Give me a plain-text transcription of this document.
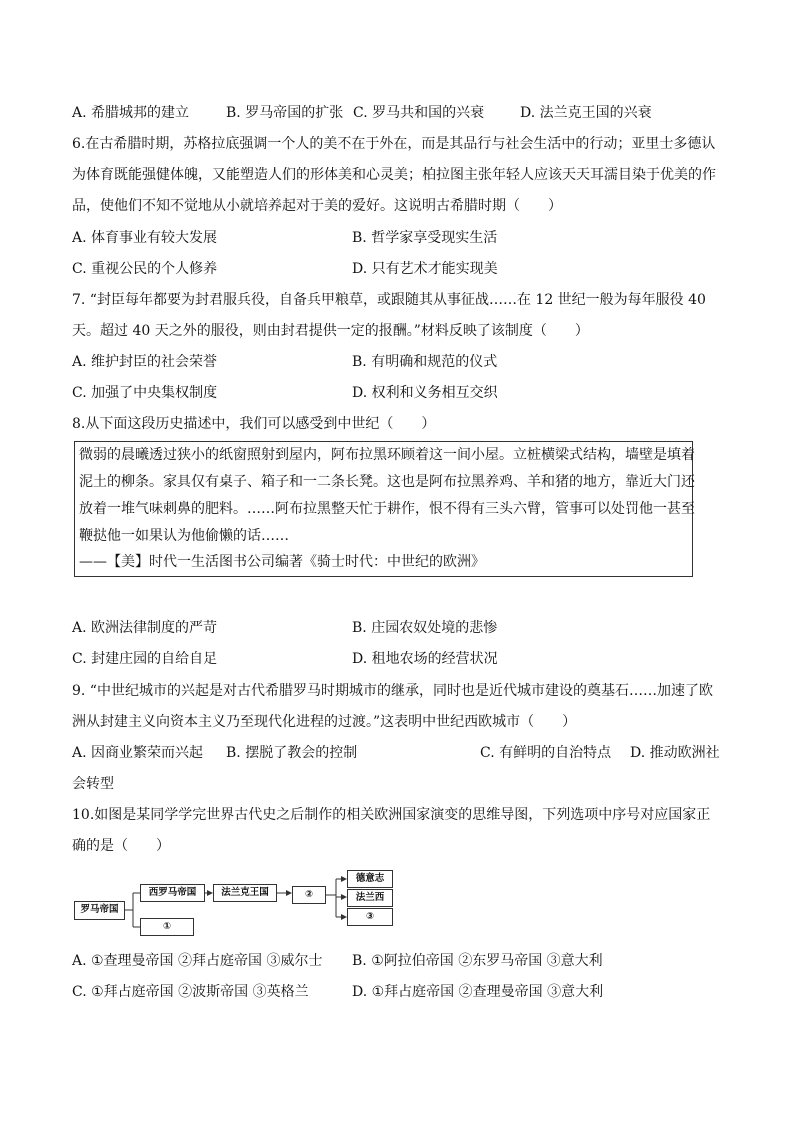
A. 希腊城邦的建立	B. 罗马帝国的扩张 C. 罗马共和国的兴衰	D. 法兰克王国的兴衰
6.在古希腊时期，苏格拉底强调一个人的美不在于外在，而是其品行与社会生活中的行动；亚里士多德认
为体育既能强健体魄，又能塑造人们的形体美和心灵美；柏拉图主张年轻人应该天天耳濡目染于优美的作
品，使他们不知不觉地从小就培养起对于美的爱好。这说明古希腊时期（　　）
A. 体育事业有较大发展	B. 哲学家享受现实生活
C. 重视公民的个人修养	D. 只有艺术才能实现美
7. “封臣每年都要为封君服兵役，自备兵甲粮草，或跟随其从事征战……在 12 世纪一般为每年服役 40
天。超过 40 天之外的服役，则由封君提供一定的报酬。”材料反映了该制度（　　）
A. 维护封臣的社会荣誉	B. 有明确和规范的仪式
C. 加强了中央集权制度	D. 权利和义务相互交织
8.从下面这段历史描述中，我们可以感受到中世纪（　　）
微弱的晨曦透过狭小的纸窗照射到屋内，阿布拉黑环顾着这一间小屋。立桩横梁式结构，墙壁是填着
泥土的柳条。家具仅有桌子、箱子和一二条长凳。这也是阿布拉黑养鸡、羊和猪的地方，靠近大门还
放着一堆气味刺鼻的肥料。……阿布拉黑整天忙于耕作，恨不得有三头六臂，管事可以处罚他一甚至
鞭挞他一如果认为他偷懒的话……
——【美】时代一生活图书公司编著《骑士时代：中世纪的欧洲》
A. 欧洲法律制度的严苛	B. 庄园农奴处境的悲惨
C. 封建庄园的自给自足	D. 租地农场的经营状况
9. “中世纪城市的兴起是对古代希腊罗马时期城市的继承，同时也是近代城市建设的奠基石……加速了欧
洲从封建主义向资本主义乃至现代化进程的过渡。”这表明中世纪西欧城市（　　）
A. 因商业繁荣而兴起 B. 摆脱了教会的控制	C. 有鲜明的自治特点 D. 推动欧洲社
会转型
10.如图是某同学学完世界古代史之后制作的相关欧洲国家演变的思维导图，下列选项中序号对应国家正
确的是（　　）
罗马帝国
西罗马帝国	法兰克王国	②
①
德意志
法兰西
③
A. ①查理曼帝国 ②拜占庭帝国 ③威尔士 B. ①阿拉伯帝国 ②东罗马帝国 ③意大利
C. ①拜占庭帝国 ②波斯帝国 ③英格兰	D. ①拜占庭帝国 ②查理曼帝国 ③意大利
